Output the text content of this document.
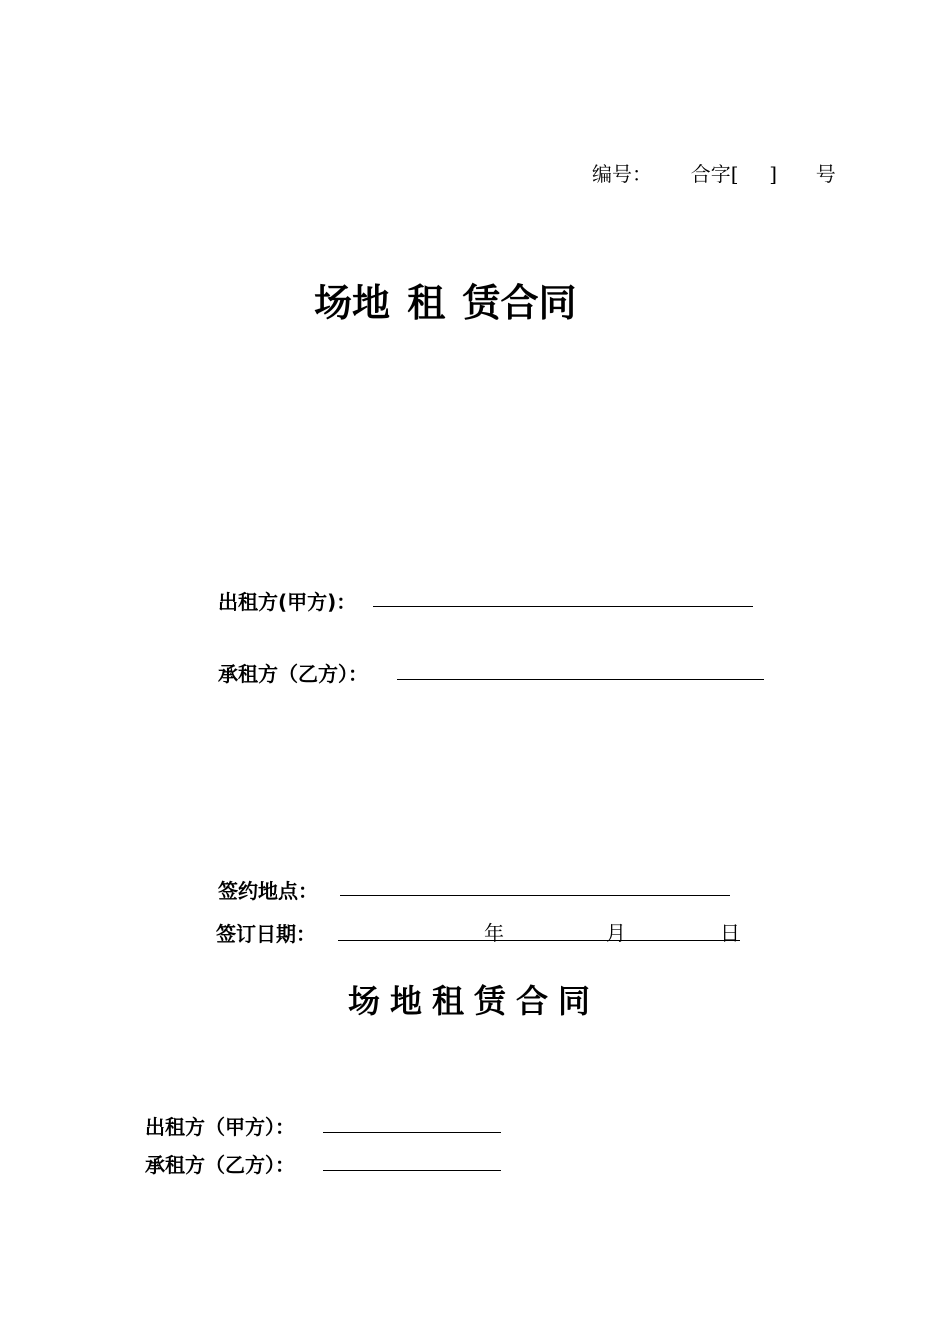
编号： 合字[ ] 号
场地 租 赁合同
出租方(甲方)：
承租方（乙方）：
签约地点：
签订日期：	年	月	日
场地租赁合同
出租方（甲方）：
承租方（乙方）：
